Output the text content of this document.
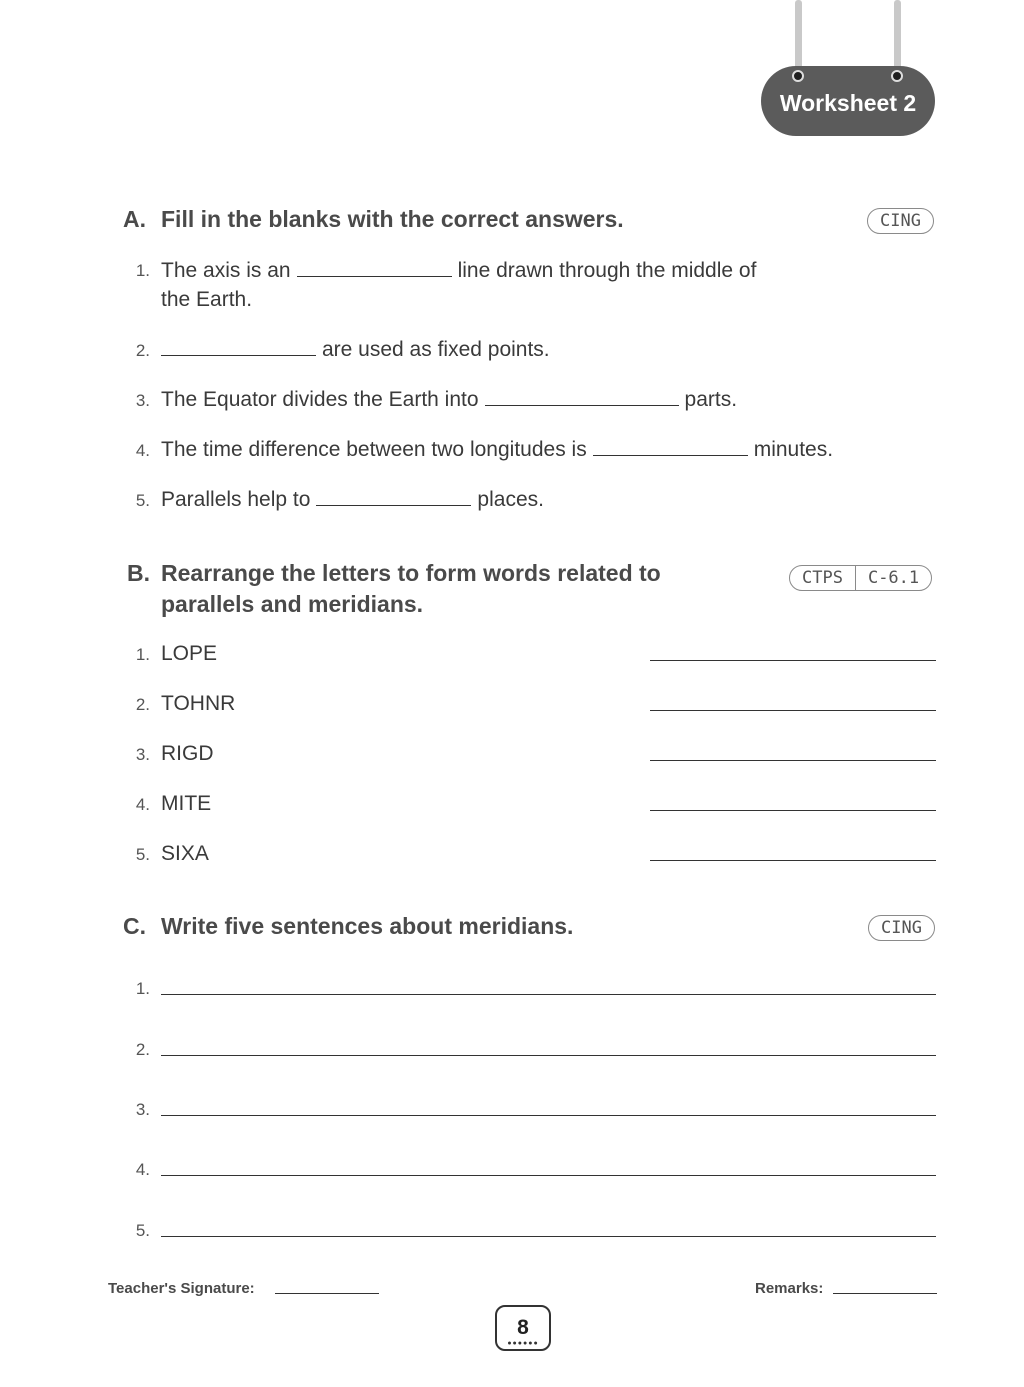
Worksheet 2
A. Fill in the blanks with the correct answers.	CING
1. The axis is an	line drawn through the middle of
the Earth.
2.	are used as fixed points.
3. The Equator divides the Earth into	parts.
4. The time difference between two longitudes is	minutes.
5. Parallels help to	places.
B. Rearrange the letters to form words related to
parallels and meridians.
CTPS	C-6.1
1. LOPE
2. TOHNR
3. RIGD
4. MITE
5. SIXA
C. Write five sentences about meridians.	CING
1.
2.
3.
4.
5.
Teacher's Signature:	Remarks:
8
●●●●●●
